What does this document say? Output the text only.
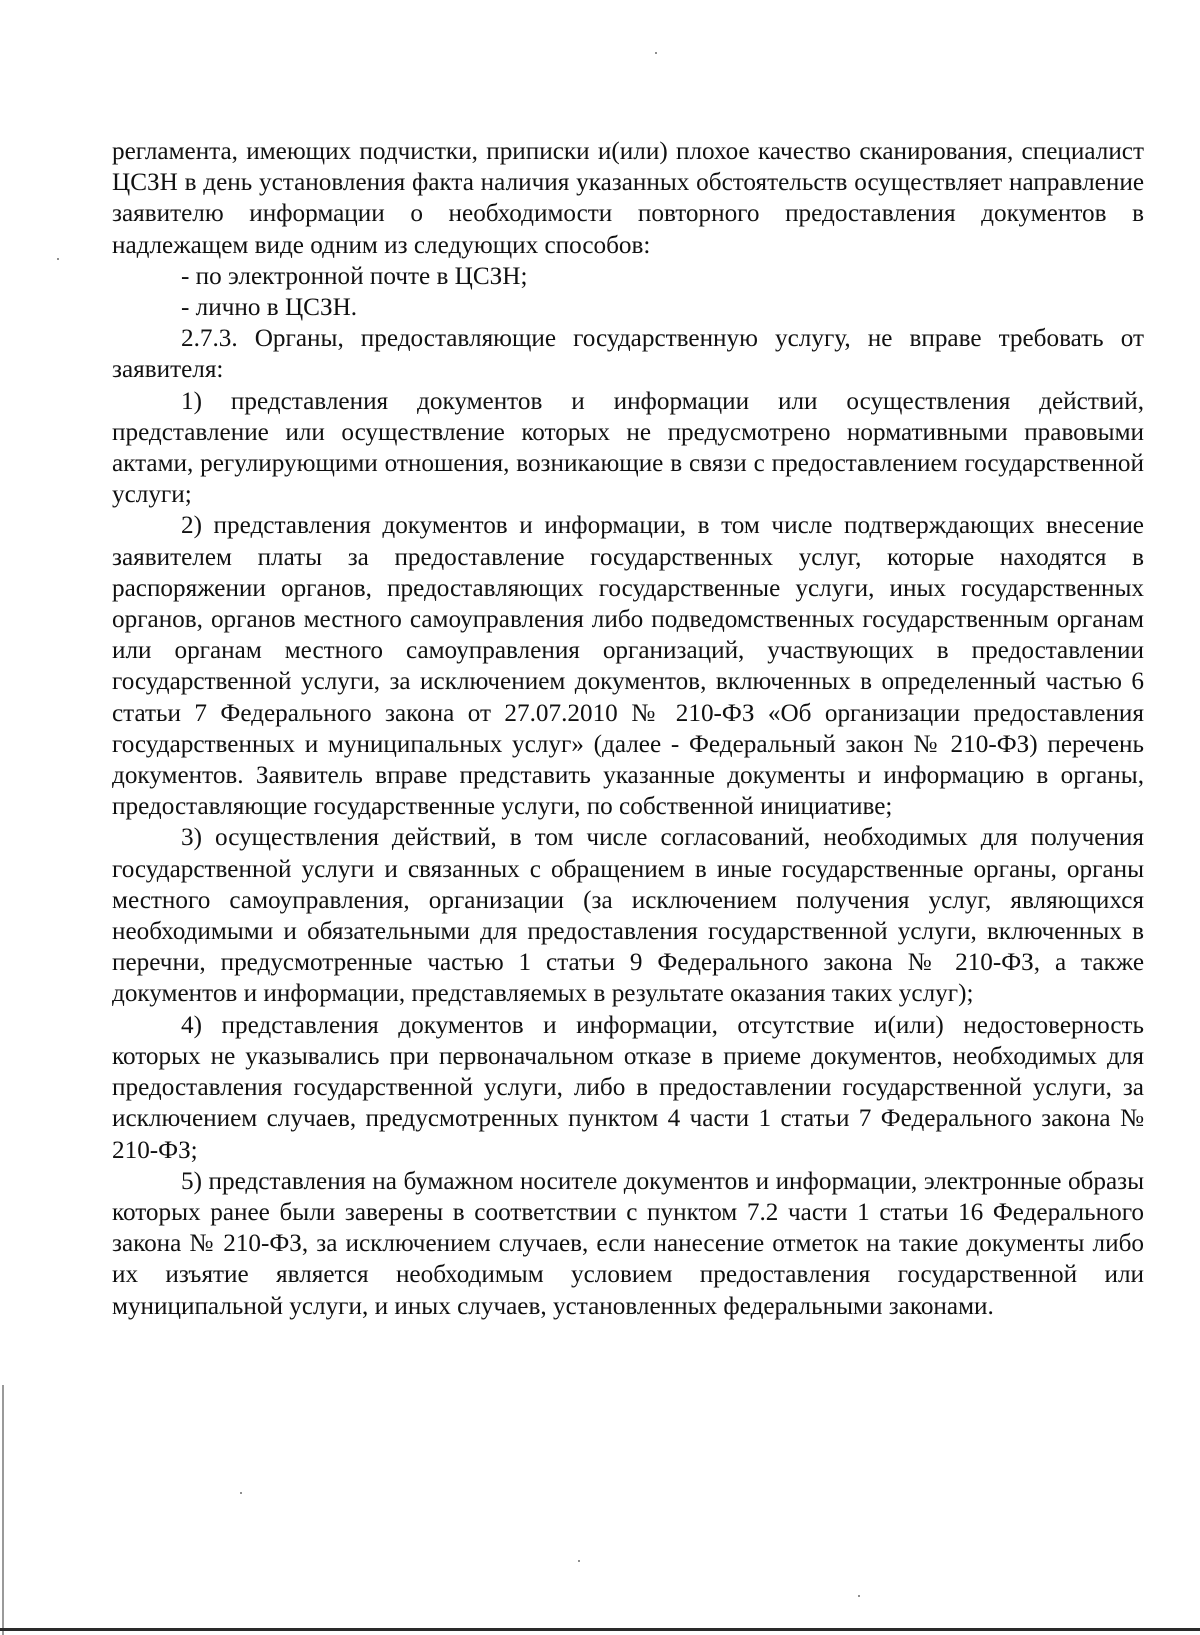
регламента, имеющих подчистки, приписки и(или) плохое качество сканирования, специалист ЦСЗН в день установления факта наличия указанных обстоятельств осуществляет направление заявителю информации о необходимости повторного предоставления документов в надлежащем виде одним из следующих способов:

- по электронной почте в ЦСЗН;

- лично в ЦСЗН.

2.7.3. Органы, предоставляющие государственную услугу, не вправе требовать от заявителя:

1) представления документов и информации или осуществления действий, представление или осуществление которых не предусмотрено нормативными правовыми актами, регулирующими отношения, возникающие в связи с предоставлением государственной услуги;

2) представления документов и информации, в том числе подтверждающих внесение заявителем платы за предоставление государственных услуг, которые находятся в распоряжении органов, предоставляющих государственные услуги, иных государственных органов, органов местного самоуправления либо подведомственных государственным органам или органам местного самоуправления организаций, участвующих в предоставлении государственной услуги, за исключением документов, включенных в определенный частью 6 статьи 7 Федерального закона от 27.07.2010 № 210-ФЗ «Об организации предоставления государственных и муниципальных услуг» (далее - Федеральный закон № 210-ФЗ) перечень документов. Заявитель вправе представить указанные документы и информацию в органы, предоставляющие государственные услуги, по собственной инициативе;

3) осуществления действий, в том числе согласований, необходимых для получения государственной услуги и связанных с обращением в иные государственные органы, органы местного самоуправления, организации (за исключением получения услуг, являющихся необходимыми и обязательными для предоставления государственной услуги, включенных в перечни, предусмотренные частью 1 статьи 9 Федерального закона № 210-ФЗ, а также документов и информации, представляемых в результате оказания таких услуг);

4) представления документов и информации, отсутствие и(или) недостоверность которых не указывались при первоначальном отказе в приеме документов, необходимых для предоставления государственной услуги, либо в предоставлении государственной услуги, за исключением случаев, предусмотренных пунктом 4 части 1 статьи 7 Федерального закона № 210-ФЗ;

5) представления на бумажном носителе документов и информации, электронные образы которых ранее были заверены в соответствии с пунктом 7.2 части 1 статьи 16 Федерального закона № 210-ФЗ, за исключением случаев, если нанесение отметок на такие документы либо их изъятие является необходимым условием предоставления государственной или муниципальной услуги, и иных случаев, установленных федеральными законами.
